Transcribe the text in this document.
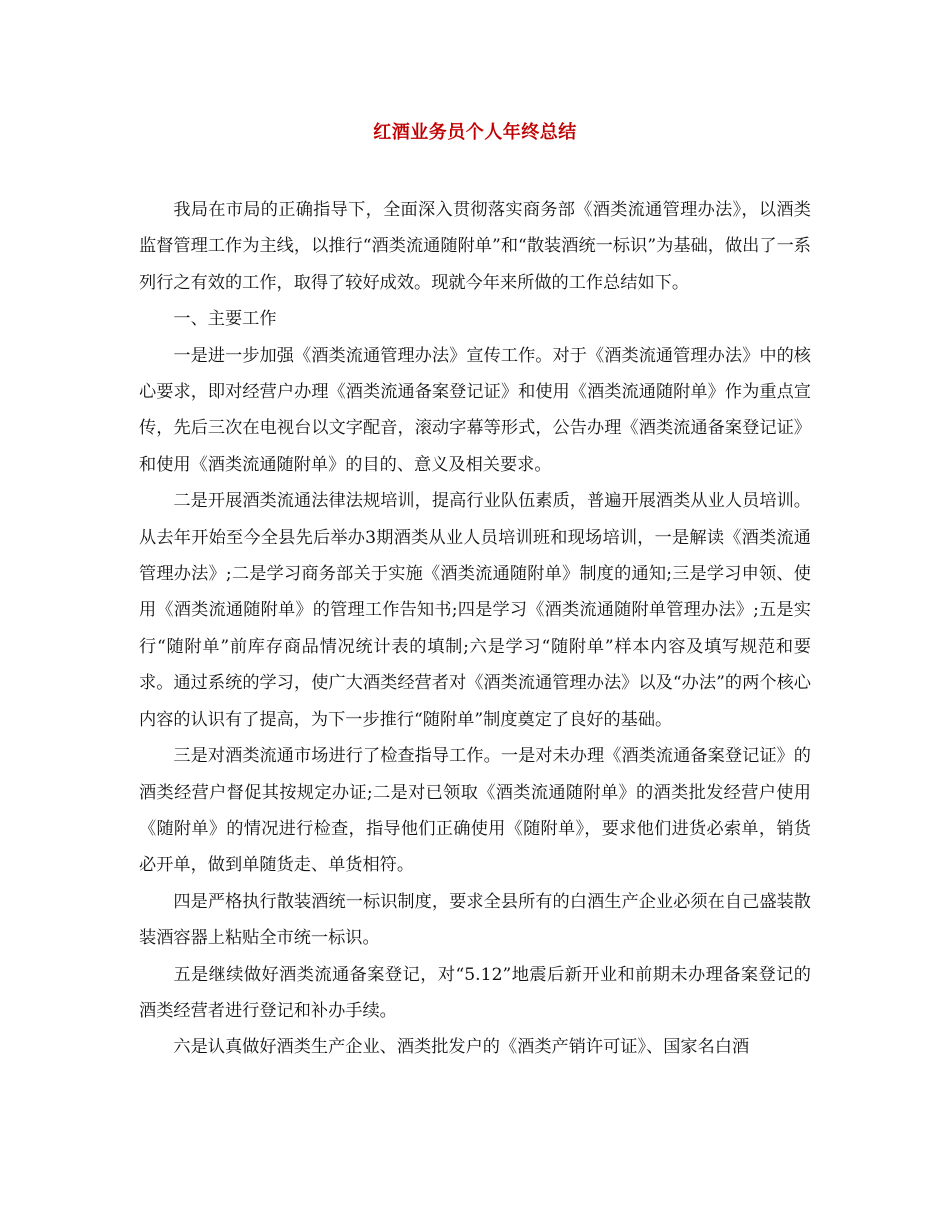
红酒业务员个人年终总结

我局在市局的正确指导下，全面深入贯彻落实商务部《酒类流通管理办法》，以酒类监督管理工作为主线，以推行“酒类流通随附单”和“散装酒统一标识”为基础，做出了一系列行之有效的工作，取得了较好成效。现就今年来所做的工作总结如下。

一、主要工作

一是进一步加强《酒类流通管理办法》宣传工作。对于《酒类流通管理办法》中的核心要求，即对经营户办理《酒类流通备案登记证》和使用《酒类流通随附单》作为重点宣传，先后三次在电视台以文字配音，滚动字幕等形式，公告办理《酒类流通备案登记证》和使用《酒类流通随附单》的目的、意义及相关要求。

二是开展酒类流通法律法规培训，提高行业队伍素质，普遍开展酒类从业人员培训。从去年开始至今全县先后举办3期酒类从业人员培训班和现场培训，一是解读《酒类流通管理办法》;二是学习商务部关于实施《酒类流通随附单》制度的通知;三是学习申领、使用《酒类流通随附单》的管理工作告知书;四是学习《酒类流通随附单管理办法》;五是实行“随附单”前库存商品情况统计表的填制;六是学习“随附单”样本内容及填写规范和要求。通过系统的学习，使广大酒类经营者对《酒类流通管理办法》以及“办法”的两个核心内容的认识有了提高，为下一步推行“随附单”制度奠定了良好的基础。

三是对酒类流通市场进行了检查指导工作。一是对未办理《酒类流通备案登记证》的酒类经营户督促其按规定办证;二是对已领取《酒类流通随附单》的酒类批发经营户使用《随附单》的情况进行检查，指导他们正确使用《随附单》，要求他们进货必索单，销货必开单，做到单随货走、单货相符。

四是严格执行散装酒统一标识制度，要求全县所有的白酒生产企业必须在自己盛装散装酒容器上粘贴全市统一标识。

五是继续做好酒类流通备案登记，对“5.12”地震后新开业和前期未办理备案登记的酒类经营者进行登记和补办手续。

六是认真做好酒类生产企业、酒类批发户的《酒类产销许可证》、国家名白酒
